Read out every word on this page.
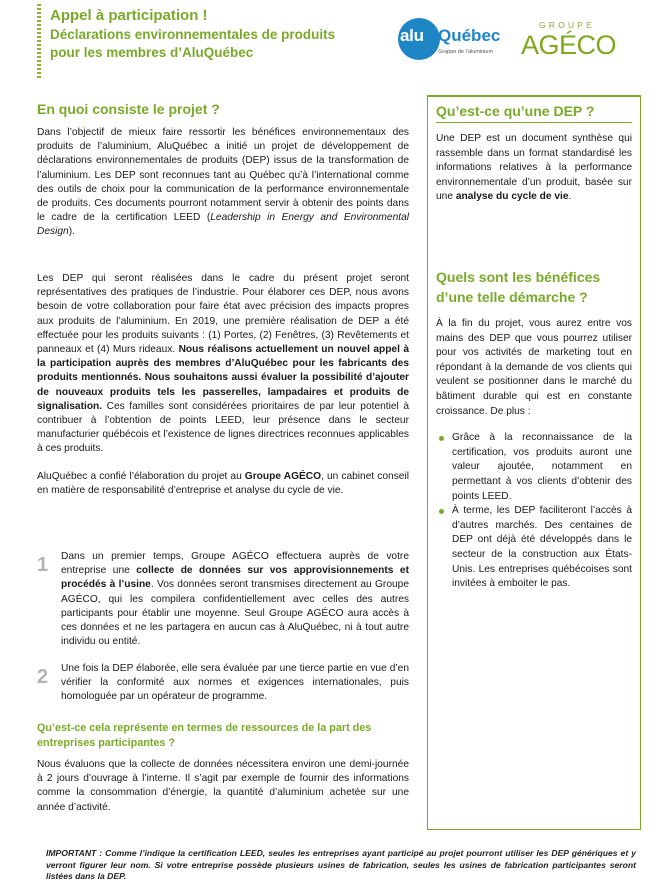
Appel à participation !
Déclarations environnementales de produits
pour les membres d’AluQuébec
alu Québec
Grappe de l’aluminium
GROUPE
AGÉCO
En quoi consiste le projet ?

Dans l’objectif de mieux faire ressortir les bénéfices environnementaux des produits de l’aluminium, AluQuébec a initié un projet de développement de déclarations environnementales de produits (DEP) issus de la transformation de l’aluminium. Les DEP sont reconnues tant au Québec qu’à l’international comme des outils de choix pour la communication de la performance environnementale de produits. Ces documents pourront notamment servir à obtenir des points dans le cadre de la certification LEED (Leadership in Energy and Environmental Design).

Les DEP qui seront réalisées dans le cadre du présent projet seront représentatives des pratiques de l’industrie. Pour élaborer ces DEP, nous avons besoin de votre collaboration pour faire état avec précision des impacts propres aux produits de l’aluminium. En 2019, une première réalisation de DEP a été effectuée pour les produits suivants : (1) Portes, (2) Fenêtres, (3) Revêtements et panneaux et (4) Murs rideaux. Nous réalisons actuellement un nouvel appel à la participation auprès des membres d’AluQuébec pour les fabricants des produits mentionnés. Nous souhaitons aussi évaluer la possibilité d’ajouter de nouveaux produits tels les passerelles, lampadaires et produits de signalisation. Ces familles sont considérées prioritaires de par leur potentiel à contribuer à l’obtention de points LEED, leur présence dans le secteur manufacturier québécois et l’existence de lignes directrices reconnues applicables à ces produits.

AluQuébec a confié l’élaboration du projet au Groupe AGÉCO, un cabinet conseil en matière de responsabilité d’entreprise et analyse du cycle de vie.

1 Dans un premier temps, Groupe AGÉCO effectuera auprès de votre entreprise une collecte de données sur vos approvisionnements et procédés à l’usine. Vos données seront transmises directement au Groupe AGÉCO, qui les compilera confidentiellement avec celles des autres participants pour établir une moyenne. Seul Groupe AGÉCO aura accès à ces données et ne les partagera en aucun cas à AluQuébec, ni à tout autre individu ou entité.

2 Une fois la DEP élaborée, elle sera évaluée par une tierce partie en vue d’en vérifier la conformité aux normes et exigences internationales, puis homologuée par un opérateur de programme.

Qu’est-ce cela représente en termes de ressources de la part des entreprises participantes ?

Nous évaluons que la collecte de données nécessitera environ une demi-journée à 2 jours d’ouvrage à l’interne. Il s’agit par exemple de fournir des informations comme la consommation d’énergie, la quantité d’aluminium achetée sur une année d’activité.

Qu’est-ce qu’une DEP ?

Une DEP est un document synthèse qui rassemble dans un format standardisé les informations relatives à la performance environnementale d’un produit, basée sur une analyse du cycle de vie.

Quels sont les bénéfices d’une telle démarche ?

À la fin du projet, vous aurez entre vos mains des DEP que vous pourrez utiliser pour vos activités de marketing tout en répondant à la demande de vos clients qui veulent se positionner dans le marché du bâtiment durable qui est en constante croissance. De plus :

Grâce à la reconnaissance de la certification, vos produits auront une valeur ajoutée, notamment en permettant à vos clients d’obtenir des points LEED.
À terme, les DEP faciliteront l’accès à d’autres marchés. Des centaines de DEP ont déjà été développés dans le secteur de la construction aux États-Unis. Les entreprises québécoises sont invitées à emboiter le pas.
IMPORTANT : Comme l’indique la certification LEED, seules les entreprises ayant participé au projet pourront utiliser les DEP génériques et y verront figurer leur nom. Si votre entreprise possède plusieurs usines de fabrication, seules les usines de fabrication participantes seront listées dans la DEP.
